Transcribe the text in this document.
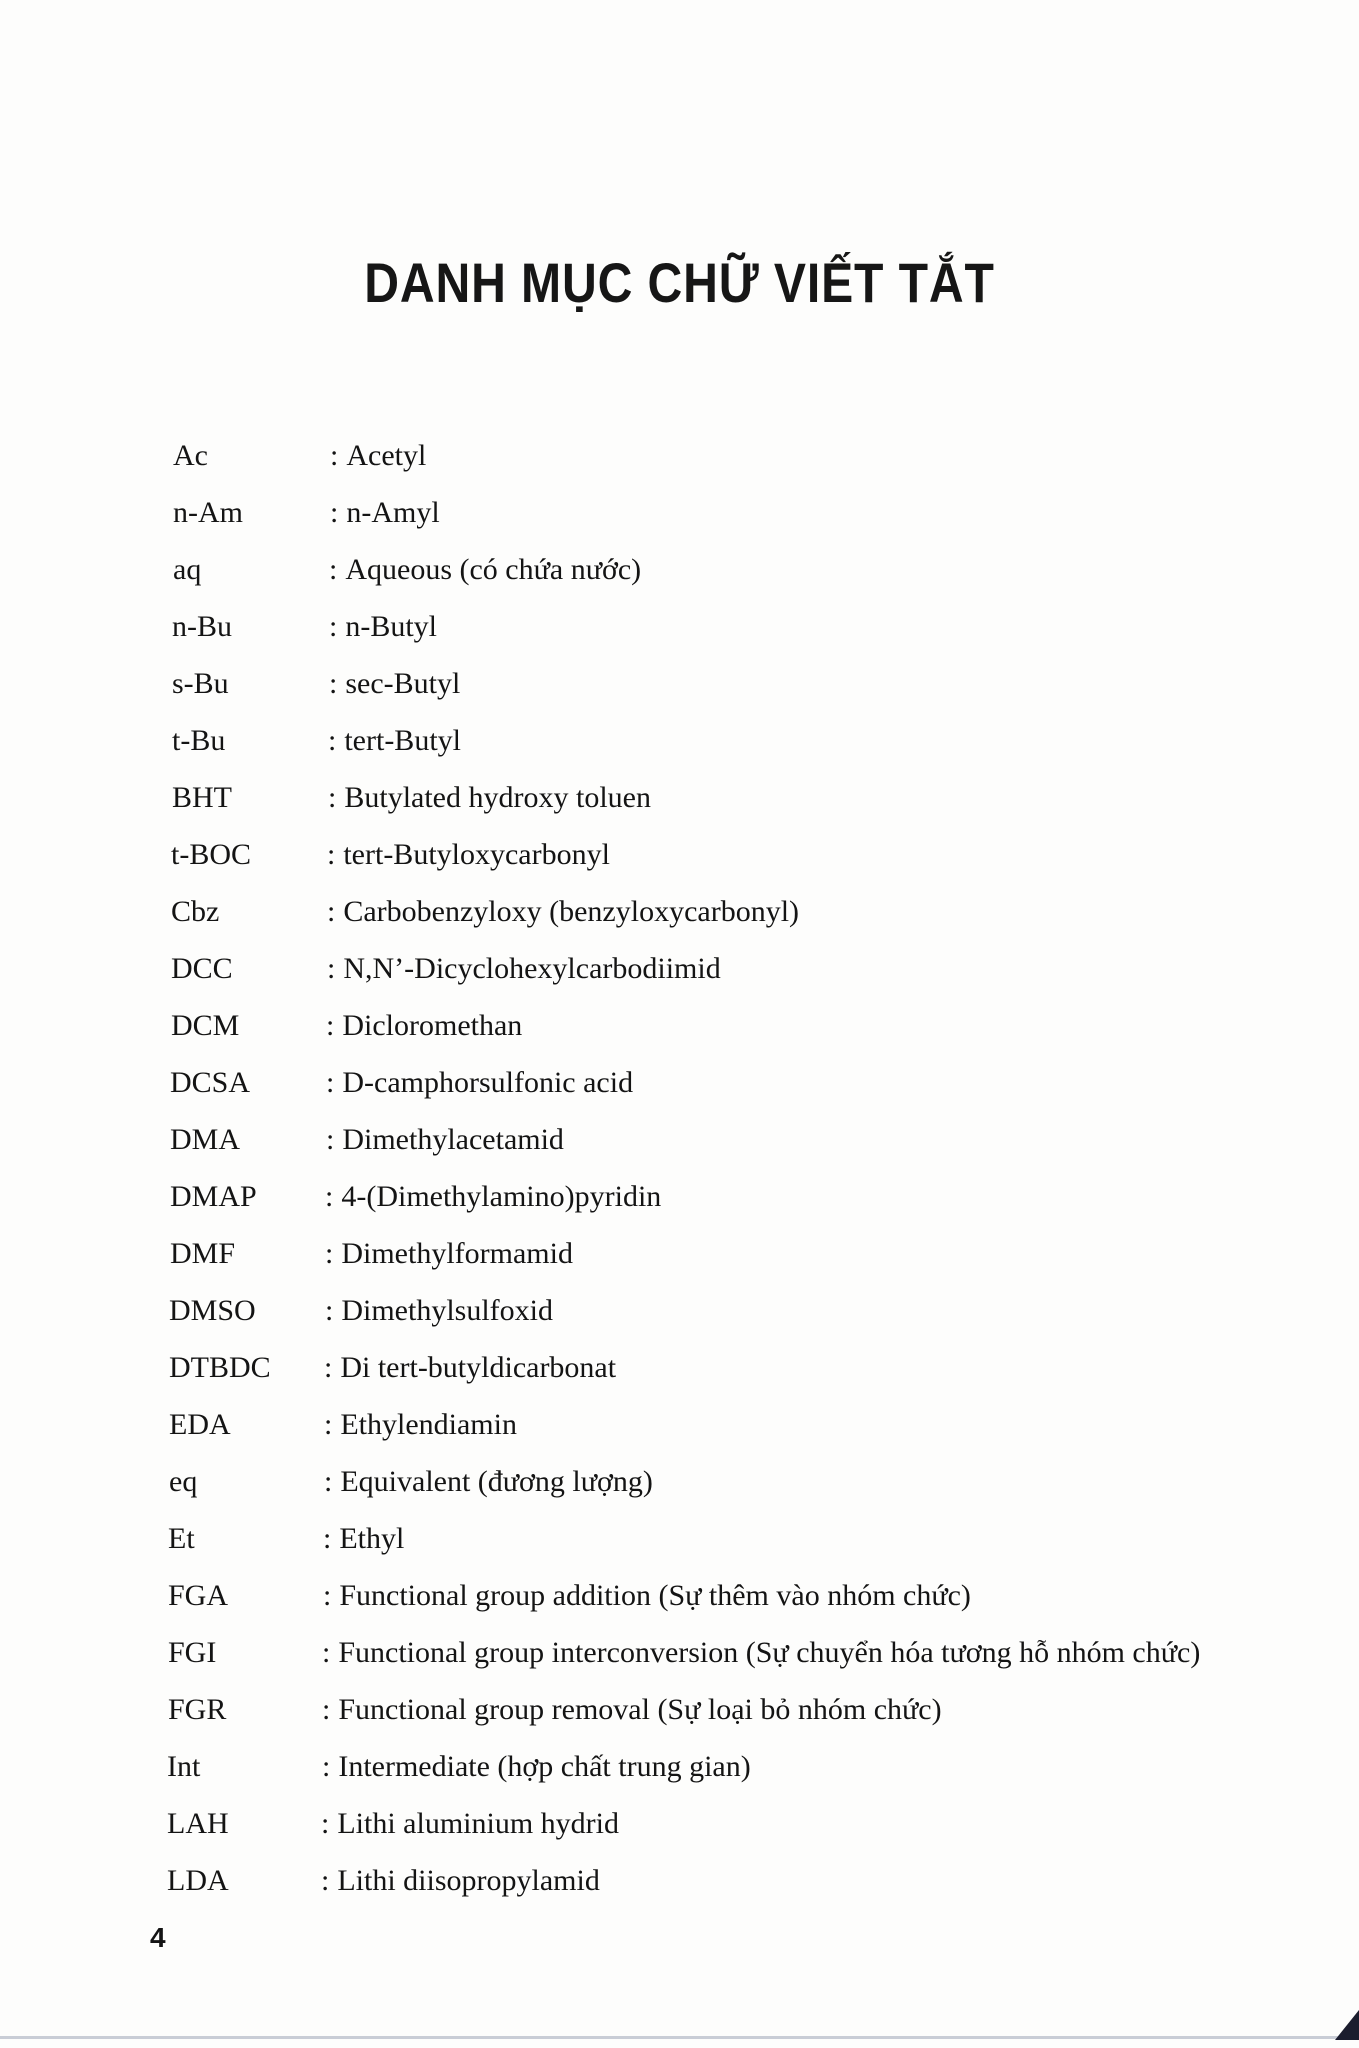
DANH MỤC CHỮ VIẾT TẮT
Ac	: Acetyl
n-Am	: n-Amyl
aq	: Aqueous (có chứa nước)
n-Bu	: n-Butyl
s-Bu	: sec-Butyl
t-Bu	: tert-Butyl
BHT	: Butylated hydroxy toluen
t-BOC	: tert-Butyloxycarbonyl
Cbz	: Carbobenzyloxy (benzyloxycarbonyl)
DCC	: N,N’-Dicyclohexylcarbodiimid
DCM	: Dicloromethan
DCSA	: D-camphorsulfonic acid
DMA	: Dimethylacetamid
DMAP : 4-(Dimethylamino)pyridin
DMF	: Dimethylformamid
DMSO : Dimethylsulfoxid
DTBDC : Di tert-butyldicarbonat
EDA	: Ethylendiamin
eq	: Equivalent (đương lượng)
Et	: Ethyl
FGA	: Functional group addition (Sự thêm vào nhóm chức)
FGI	: Functional group interconversion (Sự chuyển hóa tương hỗ nhóm chức)
FGR	: Functional group removal (Sự loại bỏ nhóm chức)
Int	: Intermediate (hợp chất trung gian)
LAH	: Lithi aluminium hydrid
LDA	: Lithi diisopropylamid
4
